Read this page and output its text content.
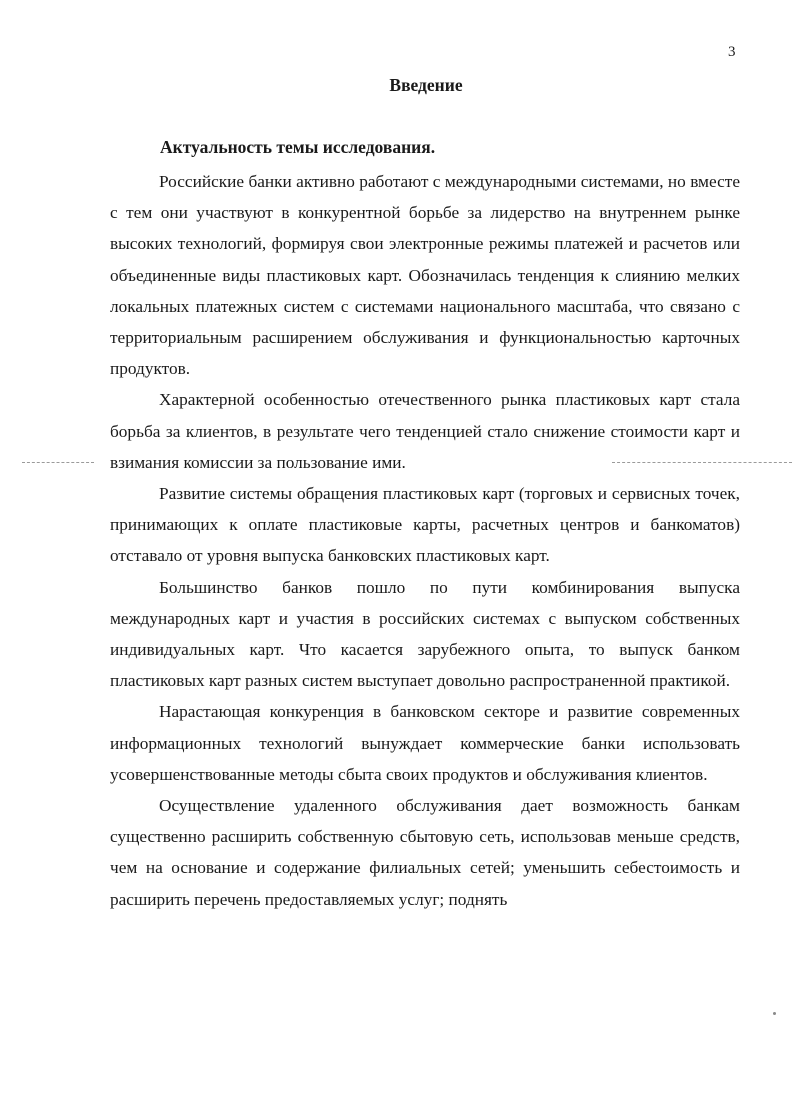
3
Введение
Актуальность темы исследования.

Российские банки активно работают с международными системами, но вместе с тем они участвуют в конкурентной борьбе за лидерство на внутреннем рынке высоких технологий, формируя свои электронные режимы платежей и расчетов или объединенные виды пластиковых карт. Обозначилась тенденция к слиянию мелких локальных платежных систем с системами национального масштаба, что связано с территориальным расширением обслуживания и функциональностью карточных продуктов.

Характерной особенностью отечественного рынка пластиковых карт стала борьба за клиентов, в результате чего тенденцией стало снижение стоимости карт и взимания комиссии за пользование ими.

Развитие системы обращения пластиковых карт (торговых и сервисных точек, принимающих к оплате пластиковые карты, расчетных центров и банкоматов) отставало от уровня выпуска банковских пластиковых карт.

Большинство банков пошло по пути комбинирования выпуска международных карт и участия в российских системах с выпуском собственных индивидуальных карт. Что касается зарубежного опыта, то выпуск банком пластиковых карт разных систем выступает довольно распространенной практикой.

Нарастающая конкуренция в банковском секторе и развитие современных информационных технологий вынуждает коммерческие банки использовать усовершенствованные методы сбыта своих продуктов и обслуживания клиентов.

Осуществление удаленного обслуживания дает возможность банкам существенно расширить собственную сбытовую сеть, использовав меньше средств, чем на основание и содержание филиальных сетей; уменьшить себестоимость и расширить перечень предоставляемых услуг; поднять
